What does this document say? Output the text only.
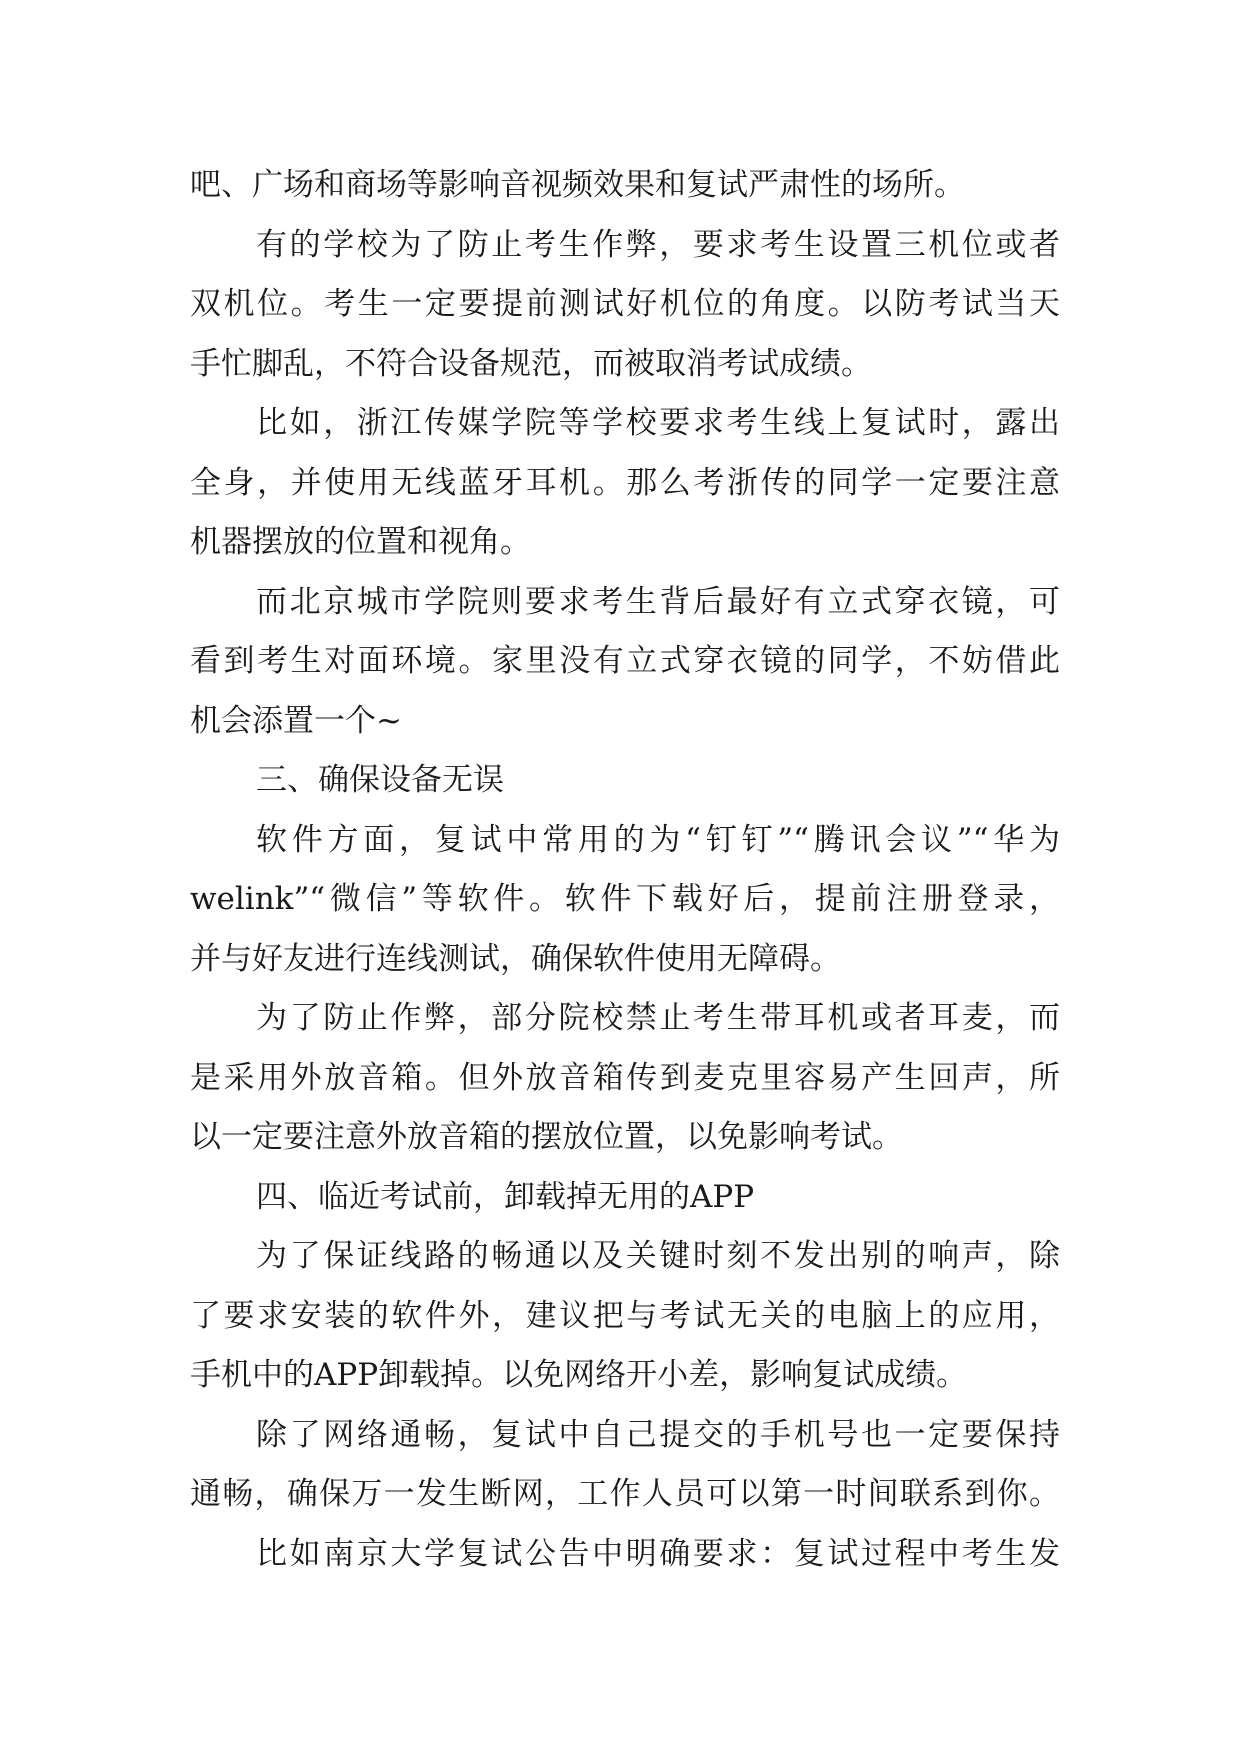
吧、广场和商场等影响音视频效果和复试严肃性的场所。
有的学校为了防止考生作弊，要求考生设置三机位或者
双机位。考生一定要提前测试好机位的角度。以防考试当天
手忙脚乱，不符合设备规范，而被取消考试成绩。
比如，浙江传媒学院等学校要求考生线上复试时，露出
全身，并使用无线蓝牙耳机。那么考浙传的同学一定要注意
机器摆放的位置和视角。
而北京城市学院则要求考生背后最好有立式穿衣镜，可
看到考生对面环境。家里没有立式穿衣镜的同学，不妨借此
机会添置一个~
三、确保设备无误
软件方面，复试中常用的为“钉钉”“腾讯会议”“华为
welink”“微信”等软件。软件下载好后，提前注册登录，
并与好友进行连线测试，确保软件使用无障碍。
为了防止作弊，部分院校禁止考生带耳机或者耳麦，而
是采用外放音箱。但外放音箱传到麦克里容易产生回声，所
以一定要注意外放音箱的摆放位置，以免影响考试。
四、临近考试前，卸载掉无用的APP
为了保证线路的畅通以及关键时刻不发出别的响声，除
了要求安装的软件外，建议把与考试无关的电脑上的应用，
手机中的APP卸载掉。以免网络开小差，影响复试成绩。
除了网络通畅，复试中自己提交的手机号也一定要保持
通畅，确保万一发生断网，工作人员可以第一时间联系到你。
比如南京大学复试公告中明确要求：复试过程中考生发
